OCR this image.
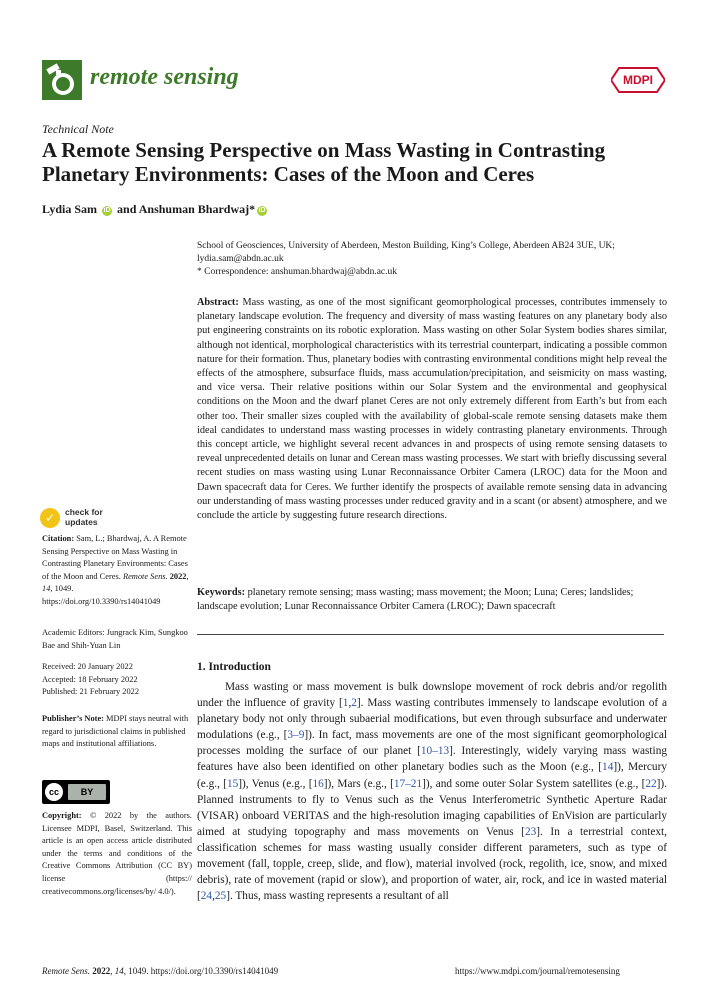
remote sensing	MDPI
Technical Note
A Remote Sensing Perspective on Mass Wasting in Contrasting Planetary Environments: Cases of the Moon and Ceres
Lydia Sam iD and Anshuman Bhardwaj* iD
School of Geosciences, University of Aberdeen, Meston Building, King’s College, Aberdeen AB24 3UE, UK; lydia.sam@abdn.ac.uk
* Correspondence: anshuman.bhardwaj@abdn.ac.uk
Abstract: Mass wasting, as one of the most significant geomorphological processes, contributes immensely to planetary landscape evolution. The frequency and diversity of mass wasting features on any planetary body also put engineering constraints on its robotic exploration. Mass wasting on other Solar System bodies shares similar, although not identical, morphological characteristics with its terrestrial counterpart, indicating a possible common nature for their formation. Thus, planetary bodies with contrasting environmental conditions might help reveal the effects of the atmosphere, subsurface fluids, mass accumulation/precipitation, and seismicity on mass wasting, and vice versa. Their relative positions within our Solar System and the environmental and geophysical conditions on the Moon and the dwarf planet Ceres are not only extremely different from Earth’s but from each other too. Their smaller sizes coupled with the availability of global-scale remote sensing datasets make them ideal candidates to understand mass wasting processes in widely contrasting planetary environments. Through this concept article, we highlight several recent advances in and prospects of using remote sensing datasets to reveal unprecedented details on lunar and Cerean mass wasting processes. We start with briefly discussing several recent studies on mass wasting using Lunar Reconnaissance Orbiter Camera (LROC) data for the Moon and Dawn spacecraft data for Ceres. We further identify the prospects of available remote sensing data in advancing our understanding of mass wasting processes under reduced gravity and in a scant (or absent) atmosphere, and we conclude the article by suggesting future research directions.
Keywords: planetary remote sensing; mass wasting; mass movement; the Moon; Luna; Ceres; landslides; landscape evolution; Lunar Reconnaissance Orbiter Camera (LROC); Dawn spacecraft
✓	check for
updates
Citation: Sam, L.; Bhardwaj, A. A Remote Sensing Perspective on Mass Wasting in Contrasting Planetary Environments: Cases of the Moon and Ceres. Remote Sens. 2022, 14, 1049. https://doi.org/10.3390/rs14041049
Academic Editors: Jungrack Kim, Sungkoo Bae and Shih-Yuan Lin
Received: 20 January 2022
Accepted: 18 February 2022
Published: 21 February 2022
Publisher’s Note: MDPI stays neutral with regard to jurisdictional claims in published maps and institutional affiliations.
cc	BY
Copyright: © 2022 by the authors. Licensee MDPI, Basel, Switzerland. This article is an open access article distributed under the terms and conditions of the Creative Commons Attribution (CC BY) license (https:// creativecommons.org/licenses/by/ 4.0/).
1. Introduction
Mass wasting or mass movement is bulk downslope movement of rock debris and/or regolith under the influence of gravity [1,2]. Mass wasting contributes immensely to landscape evolution of a planetary body not only through subaerial modifications, but even through subsurface and underwater modulations (e.g., [3–9]). In fact, mass movements are one of the most significant geomorphological processes molding the surface of our planet [10–13]. Interestingly, widely varying mass wasting features have also been identified on other planetary bodies such as the Moon (e.g., [14]), Mercury (e.g., [15]), Venus (e.g., [16]), Mars (e.g., [17–21]), and some outer Solar System satellites (e.g., [22]). Planned instruments to fly to Venus such as the Venus Interferometric Synthetic Aperture Radar (VISAR) onboard VERITAS and the high-resolution imaging capabilities of EnVision are particularly aimed at studying topography and mass movements on Venus [23]. In a terrestrial context, classification schemes for mass wasting usually consider different parameters, such as type of movement (fall, topple, creep, slide, and flow), material involved (rock, regolith, ice, snow, and mixed debris), rate of movement (rapid or slow), and proportion of water, air, rock, and ice in wasted material [24,25]. Thus, mass wasting represents a resultant of all
Remote Sens. 2022, 14, 1049. https://doi.org/10.3390/rs14041049	https://www.mdpi.com/journal/remotesensing
